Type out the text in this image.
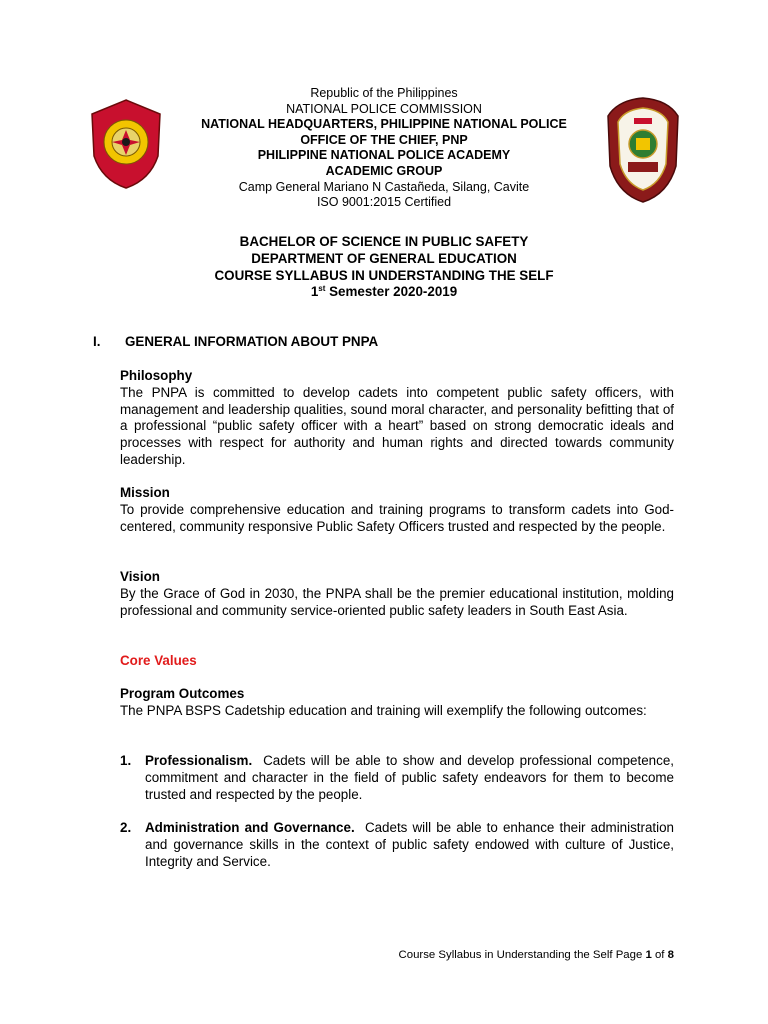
Republic of the Philippines
NATIONAL POLICE COMMISSION
NATIONAL HEADQUARTERS, PHILIPPINE NATIONAL POLICE
OFFICE OF THE CHIEF, PNP
PHILIPPINE NATIONAL POLICE ACADEMY
ACADEMIC GROUP
Camp General Mariano N Castañeda, Silang, Cavite
ISO 9001:2015 Certified
BACHELOR OF SCIENCE IN PUBLIC SAFETY
DEPARTMENT OF GENERAL EDUCATION
COURSE SYLLABUS IN UNDERSTANDING THE SELF
1st Semester 2020-2019
I. GENERAL INFORMATION ABOUT PNPA
Philosophy
The PNPA is committed to develop cadets into competent public safety officers, with management and leadership qualities, sound moral character, and personality befitting that of a professional “public safety officer with a heart” based on strong democratic ideals and processes with respect for authority and human rights and directed towards community leadership.
Mission
To provide comprehensive education and training programs to transform cadets into God-centered, community responsive Public Safety Officers trusted and respected by the people.
Vision
By the Grace of God in 2030, the PNPA shall be the premier educational institution, molding professional and community service-oriented public safety leaders in South East Asia.
Core Values
Program Outcomes
The PNPA BSPS Cadetship education and training will exemplify the following outcomes:
1. Professionalism. Cadets will be able to show and develop professional competence, commitment and character in the field of public safety endeavors for them to become trusted and respected by the people.
2. Administration and Governance. Cadets will be able to enhance their administration and governance skills in the context of public safety endowed with culture of Justice, Integrity and Service.
Course Syllabus in Understanding the Self Page 1 of 8
